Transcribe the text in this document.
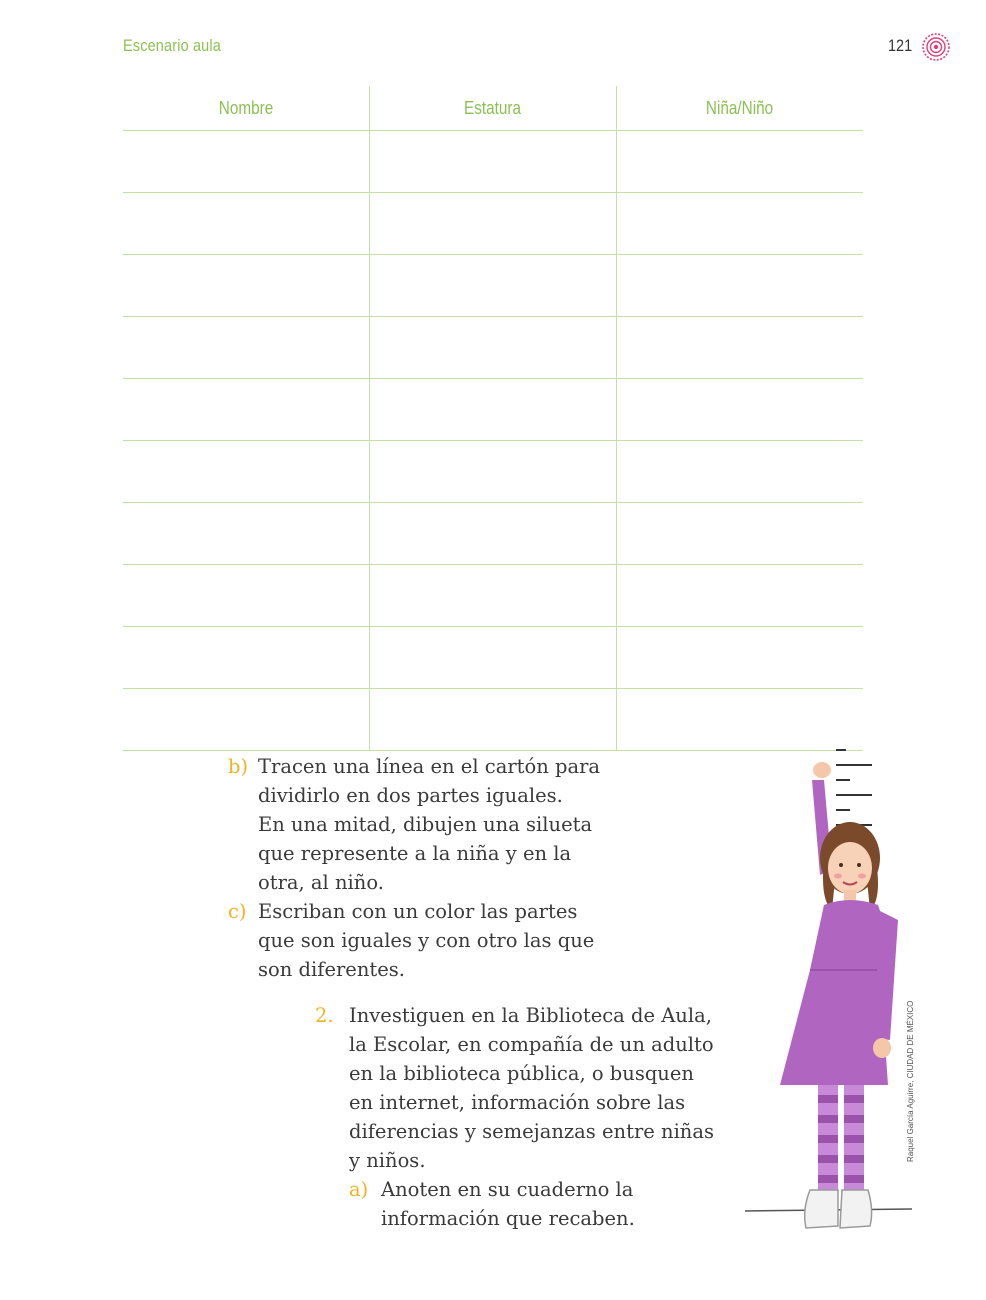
Escenario aula	121
Nombre	Estatura	Niña/Niño

b) Tracen una línea en el cartón para
dividirlo en dos partes iguales.
En una mitad, dibujen una silueta
que represente a la niña y en la
otra, al niño.
c) Escriban con un color las partes
que son iguales y con otro las que
son diferentes.
2. Investiguen en la Biblioteca de Aula,
la Escolar, en compañía de un adulto
en la biblioteca pública, o busquen
en internet, información sobre las
diferencias y semejanzas entre niñas
y niños.
a) Anoten en su cuaderno la
información que recaben.
Raquel García Aguirre, CIUDAD DE MÉXICO
